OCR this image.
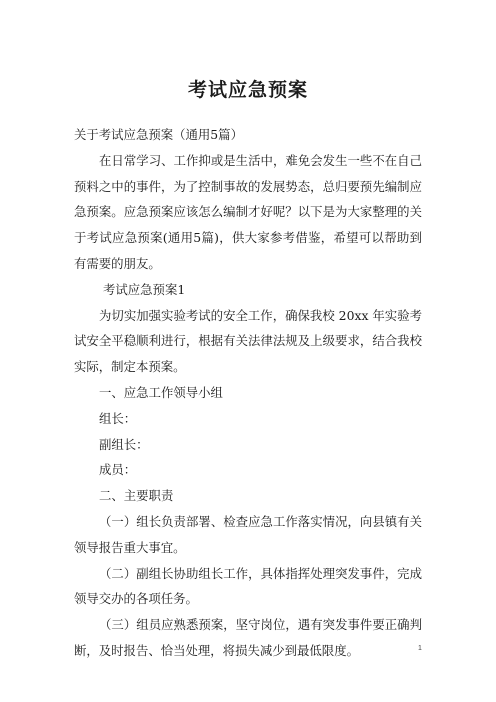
考试应急预案

关于考试应急预案（通用5篇）

在日常学习、工作抑或是生活中，难免会发生一些不在自己预料之中的事件，为了控制事故的发展势态，总归要预先编制应急预案。应急预案应该怎么编制才好呢？以下是为大家整理的关于考试应急预案(通用5篇)，供大家参考借鉴，希望可以帮助到有需要的朋友。

考试应急预案1

为切实加强实验考试的安全工作，确保我校 20xx 年实验考试安全平稳顺利进行，根据有关法律法规及上级要求，结合我校实际，制定本预案。

一、应急工作领导小组

组长：

副组长：

成员：

二、主要职责

（一）组长负责部署、检查应急工作落实情况，向县镇有关领导报告重大事宜。

（二）副组长协助组长工作，具体指挥处理突发事件，完成领导交办的各项任务。

（三）组员应熟悉预案，坚守岗位，遇有突发事件要正确判断，及时报告、恰当处理，将损失减少到最低限度。	1
